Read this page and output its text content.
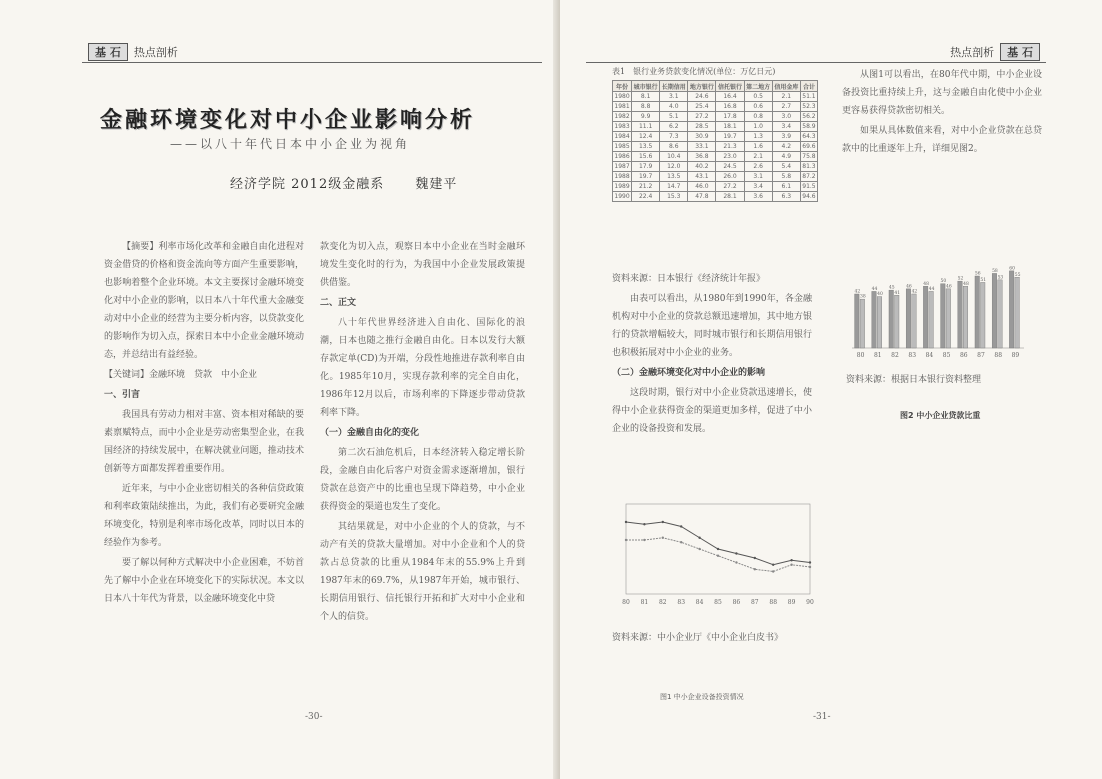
基 石	热点剖析
金融环境变化对中小企业影响分析
——以八十年代日本中小企业为视角
经济学院 2012级金融系 魏建平

【摘要】利率市场化改革和金融自由化进程对资金借贷的价格和资金流向等方面产生重要影响，也影响着整个企业环境。本文主要探讨金融环境变化对中小企业的影响，以日本八十年代重大金融变动对中小企业的经营为主要分析内容，以贷款变化的影响作为切入点，探索日本中小企业金融环境动态，并总结出有益经验。

【关键词】金融环境　贷款　中小企业

一、引言

我国具有劳动力相对丰富、资本相对稀缺的要素禀赋特点，而中小企业是劳动密集型企业，在我国经济的持续发展中，在解决就业问题，推动技术创新等方面都发挥着重要作用。

近年来，与中小企业密切相关的各种信贷政策和利率政策陆续推出，为此，我们有必要研究金融环境变化，特别是利率市场化改革，同时以日本的经验作为参考。

要了解以何种方式解决中小企业困难，不妨首先了解中小企业在环境变化下的实际状况。本文以日本八十年代为背景，以金融环境变化中贷

款变化为切入点，观察日本中小企业在当时金融环境发生变化时的行为，为我国中小企业发展政策提供借鉴。

二、正文

八十年代世界经济进入自由化、国际化的浪潮，日本也随之推行金融自由化。日本以发行大额存款定单(CD)为开端，分段性地推进存款利率自由化。1985年10月，实现存款利率的完全自由化，1986年12月以后，市场利率的下降逐步带动贷款利率下降。

（一）金融自由化的变化

第二次石油危机后，日本经济转入稳定增长阶段，金融自由化后客户对资金需求逐渐增加，银行贷款在总资产中的比重也呈现下降趋势，中小企业获得资金的渠道也发生了变化。

其结果就是，对中小企业的个人的贷款，与不动产有关的贷款大量增加。对中小企业和个人的贷款占总贷款的比重从1984年末的55.9%上升到1987年末的69.7%，从1987年开始，城市银行、长期信用银行、信托银行开拓和扩大对中小企业和个人的信贷。

-30-
热点剖析	基 石
-31-
表1　银行业务贷款变化情况(单位：万亿日元)
年份	城市银行	长期信用	地方银行	信托银行	第二地方	信用金库	合计
1980	8.1	3.1	24.6	16.4	0.5	2.1	51.1
1981	8.8	4.0	25.4	16.8	0.6	2.7	52.3
1982	9.9	5.1	27.2	17.8	0.8	3.0	56.2
1983	11.1	6.2	28.5	18.1	1.0	3.4	58.9
1984	12.4	7.3	30.9	19.7	1.3	3.9	64.3
1985	13.5	8.6	33.1	21.3	1.6	4.2	69.6
1986	15.6	10.4	36.8	23.0	2.1	4.9	75.8
1987	17.9	12.0	40.2	24.5	2.6	5.4	81.3
1988	19.7	13.5	43.1	26.0	3.1	5.8	87.2
1989	21.2	14.7	46.0	27.2	3.4	6.1	91.5
1990	22.4	15.3	47.8	28.1	3.6	6.3	94.6

资料来源：日本银行《经济统计年报》

由表可以看出，从1980年到1990年，各金融机构对中小企业的贷款总额迅速增加，其中地方银行的贷款增幅较大，同时城市银行和长期信用银行也积极拓展对中小企业的业务。

（二）金融环境变化对中小企业的影响

这段时期，银行对中小企业贷款迅速增长，使得中小企业获得资金的渠道更加多样，促进了中小企业的设备投资和发展。

80 81 82 83 84 85 86 87 88 89 90
图1 中小企业设备投资情况
资料来源：中小企业厅《中小企业白皮书》

从图1可以看出，在80年代中期，中小企业设备投资比重持续上升，这与金融自由化使中小企业更容易获得贷款密切相关。

如果从具体数值来看，对中小企业贷款在总贷款中的比重逐年上升，详细见图2。

80
42
38
81
44
40
82
45
41
83
46
42
84
48
44
85
50
46
86
52
48
87
56
51
88
58
53
89
60
55
资料来源：根据日本银行资料整理
图2 中小企业贷款比重
